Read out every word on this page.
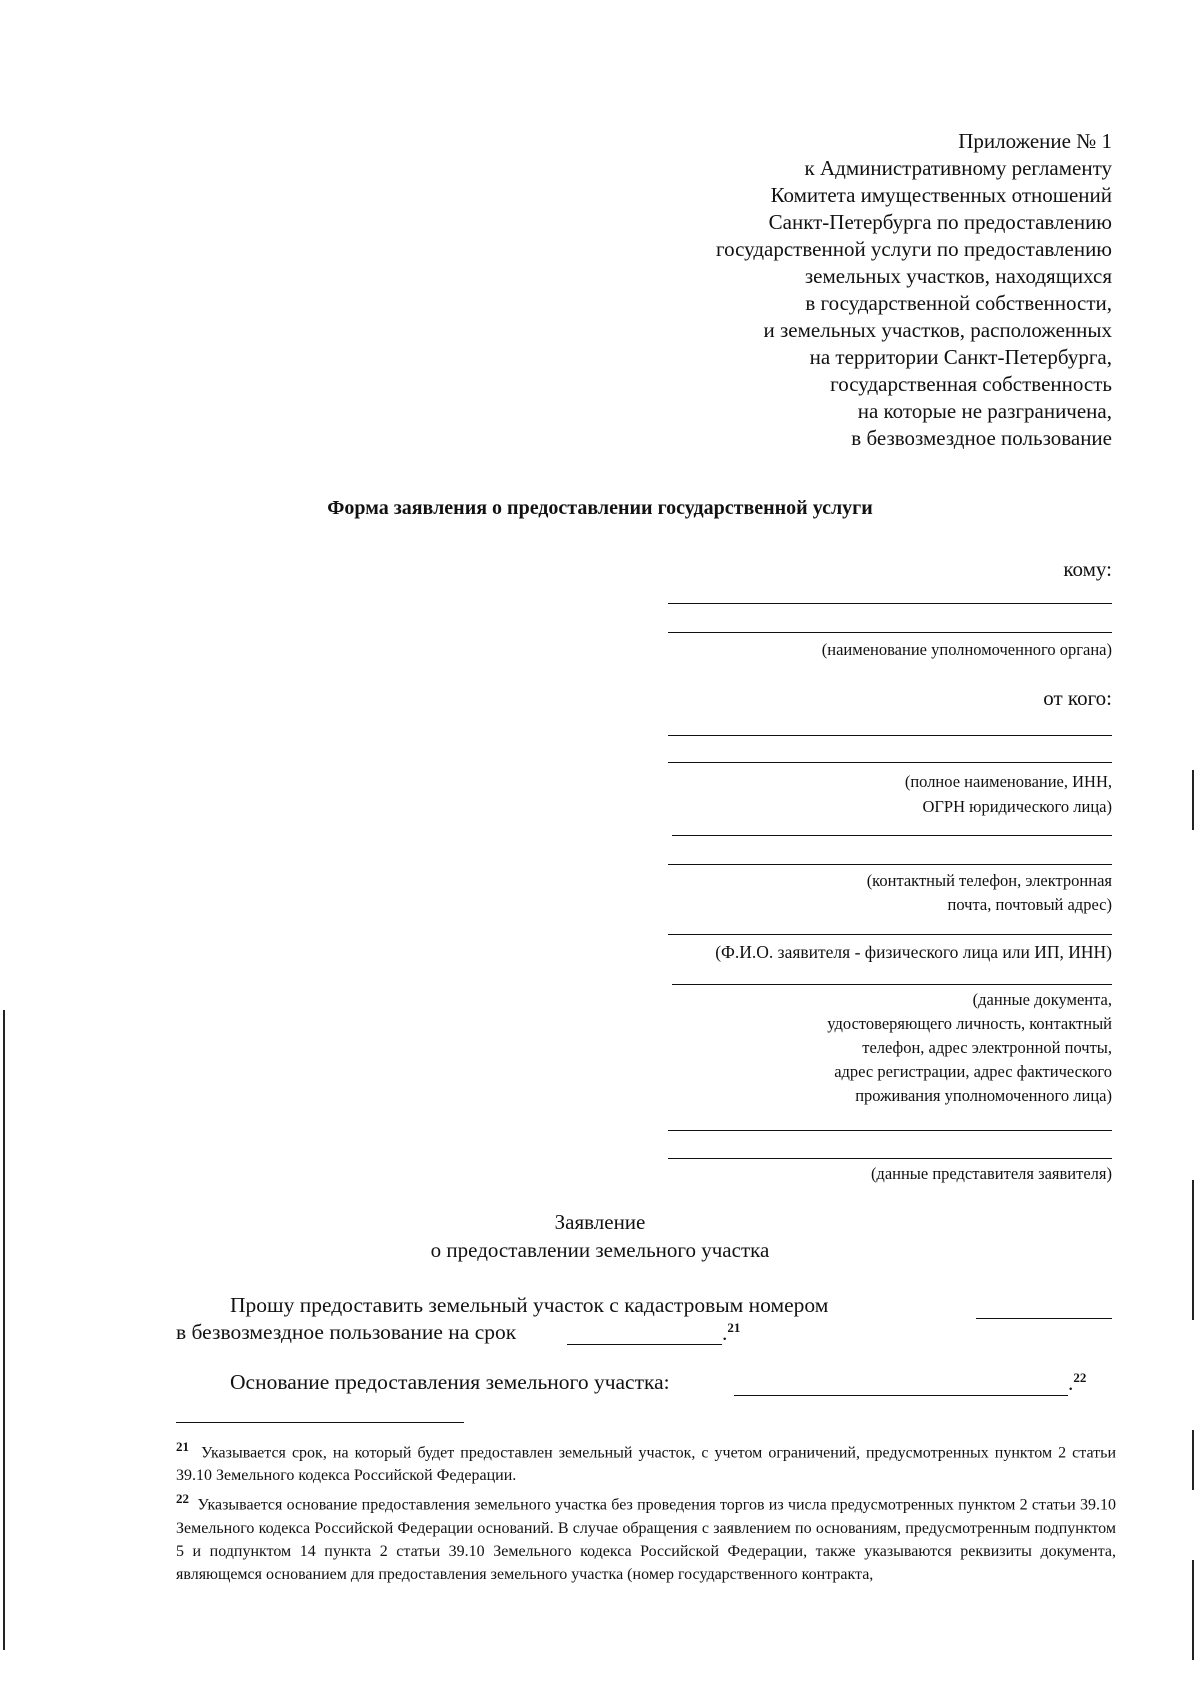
Приложение № 1
к Административному регламенту
Комитета имущественных отношений
Санкт-Петербурга по предоставлению
государственной услуги по предоставлению
земельных участков, находящихся
в государственной собственности,
и земельных участков, расположенных
на территории Санкт-Петербурга,
государственная собственность
на которые не разграничена,
в безвозмездное пользование
Форма заявления о предоставлении государственной услуги
кому:
(наименование уполномоченного органа)
от кого:
(полное наименование, ИНН,
ОГРН юридического лица)
(контактный телефон, электронная
почта, почтовый адрес)
(Ф.И.О. заявителя - физического лица или ИП, ИНН)
(данные документа,
удостоверяющего личность, контактный
телефон, адрес электронной почты,
адрес регистрации, адрес фактического
проживания уполномоченного лица)
(данные представителя заявителя)
Заявление
о предоставлении земельного участка
Прошу предоставить земельный участок с кадастровым номером
в безвозмездное пользование на срок	.$^{21}$
Основание предоставления земельного участка:	.$^{22}$

$^{21}$ Указывается срок, на который будет предоставлен земельный участок, с учетом ограничений, предусмотренных пунктом 2 статьи 39.10 Земельного кодекса Российской Федерации.

$^{22}$ Указывается основание предоставления земельного участка без проведения торгов из числа предусмотренных пунктом 2 статьи 39.10 Земельного кодекса Российской Федерации оснований. В случае обращения с заявлением по основаниям, предусмотренным подпунктом 5 и подпунктом 14 пункта 2 статьи 39.10 Земельного кодекса Российской Федерации, также указываются реквизиты документа, являющемся основанием для предоставления земельного участка (номер государственного контракта,
